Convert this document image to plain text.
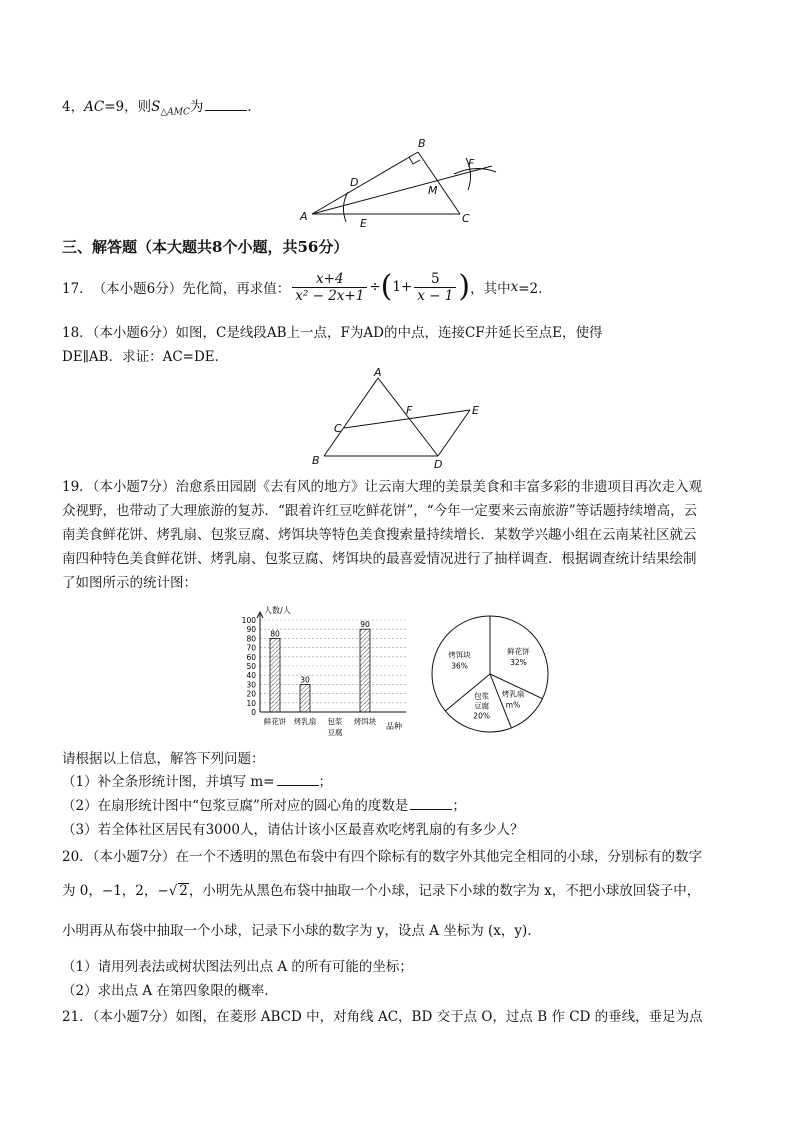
4，AC=9，则$S_{\triangle AMC}$为	．
A
B
C
D
E
F
M
三、解答题（本大题共8个小题，共56分）
17． （本小题6分） 先化简，再求值： $\frac{x+4}{\text{x² − 2x+1}}$ ÷ ( $1+ \frac{5}{x - 1}$ ) ，其中 x =2．
18．（本小题6分）如图，C是线段AB上一点，F为AD的中点，连接CF并延长至点E，使得
DE∥AB．求证：AC=DE．
A
B
C
D
E
F
19．（本小题7分）治愈系田园剧《去有风的地方》让云南大理的美景美食和丰富多彩的非遗项目再次走入观
众视野，也带动了大理旅游的复苏．“跟着许红豆吃鲜花饼”，“今年一定要来云南旅游”等话题持续增高，云
南美食鲜花饼、烤乳扇、包浆豆腐、烤饵块等特色美食搜索量持续增长．某数学兴趣小组在云南某社区就云
南四种特色美食鲜花饼、烤乳扇、包浆豆腐、烤饵块的最喜爱情况进行了抽样调查．根据调查统计结果绘制
了如图所示的统计图：
0
10
20
30
40
50
60
70
80
90
100
80
30
90
鲜花饼 烤乳扇 包浆
豆腐
烤饵块
人数/人
品种
鲜花饼
32%
烤乳扇
m%
包浆
豆腐
20%
烤饵块
36%
请根据以上信息，解答下列问题：
（1）补全条形统计图，并填写 m=	；
（2）在扇形统计图中“包浆豆腐”所对应的圆心角的度数是	；
（3）若全体社区居民有3000人，请估计该小区最喜欢吃烤乳扇的有多少人？
20．（本小题7分）在一个不透明的黑色布袋中有四个除标有的数字外其他完全相同的小球，分别标有的数字
为 0，−1，2，−√ 2，小明先从黑色布袋中抽取一个小球，记录下小球的数字为 x，不把小球放回袋子中，
小明再从布袋中抽取一个小球，记录下小球的数字为 y，设点 A 坐标为 (x，y)．
（1）请用列表法或树状图法列出点 A 的所有可能的坐标；
（2）求出点 A 在第四象限的概率．
21．（本小题7分）如图，在菱形 ABCD 中，对角线 AC，BD 交于点 O，过点 B 作 CD 的垂线，垂足为点
